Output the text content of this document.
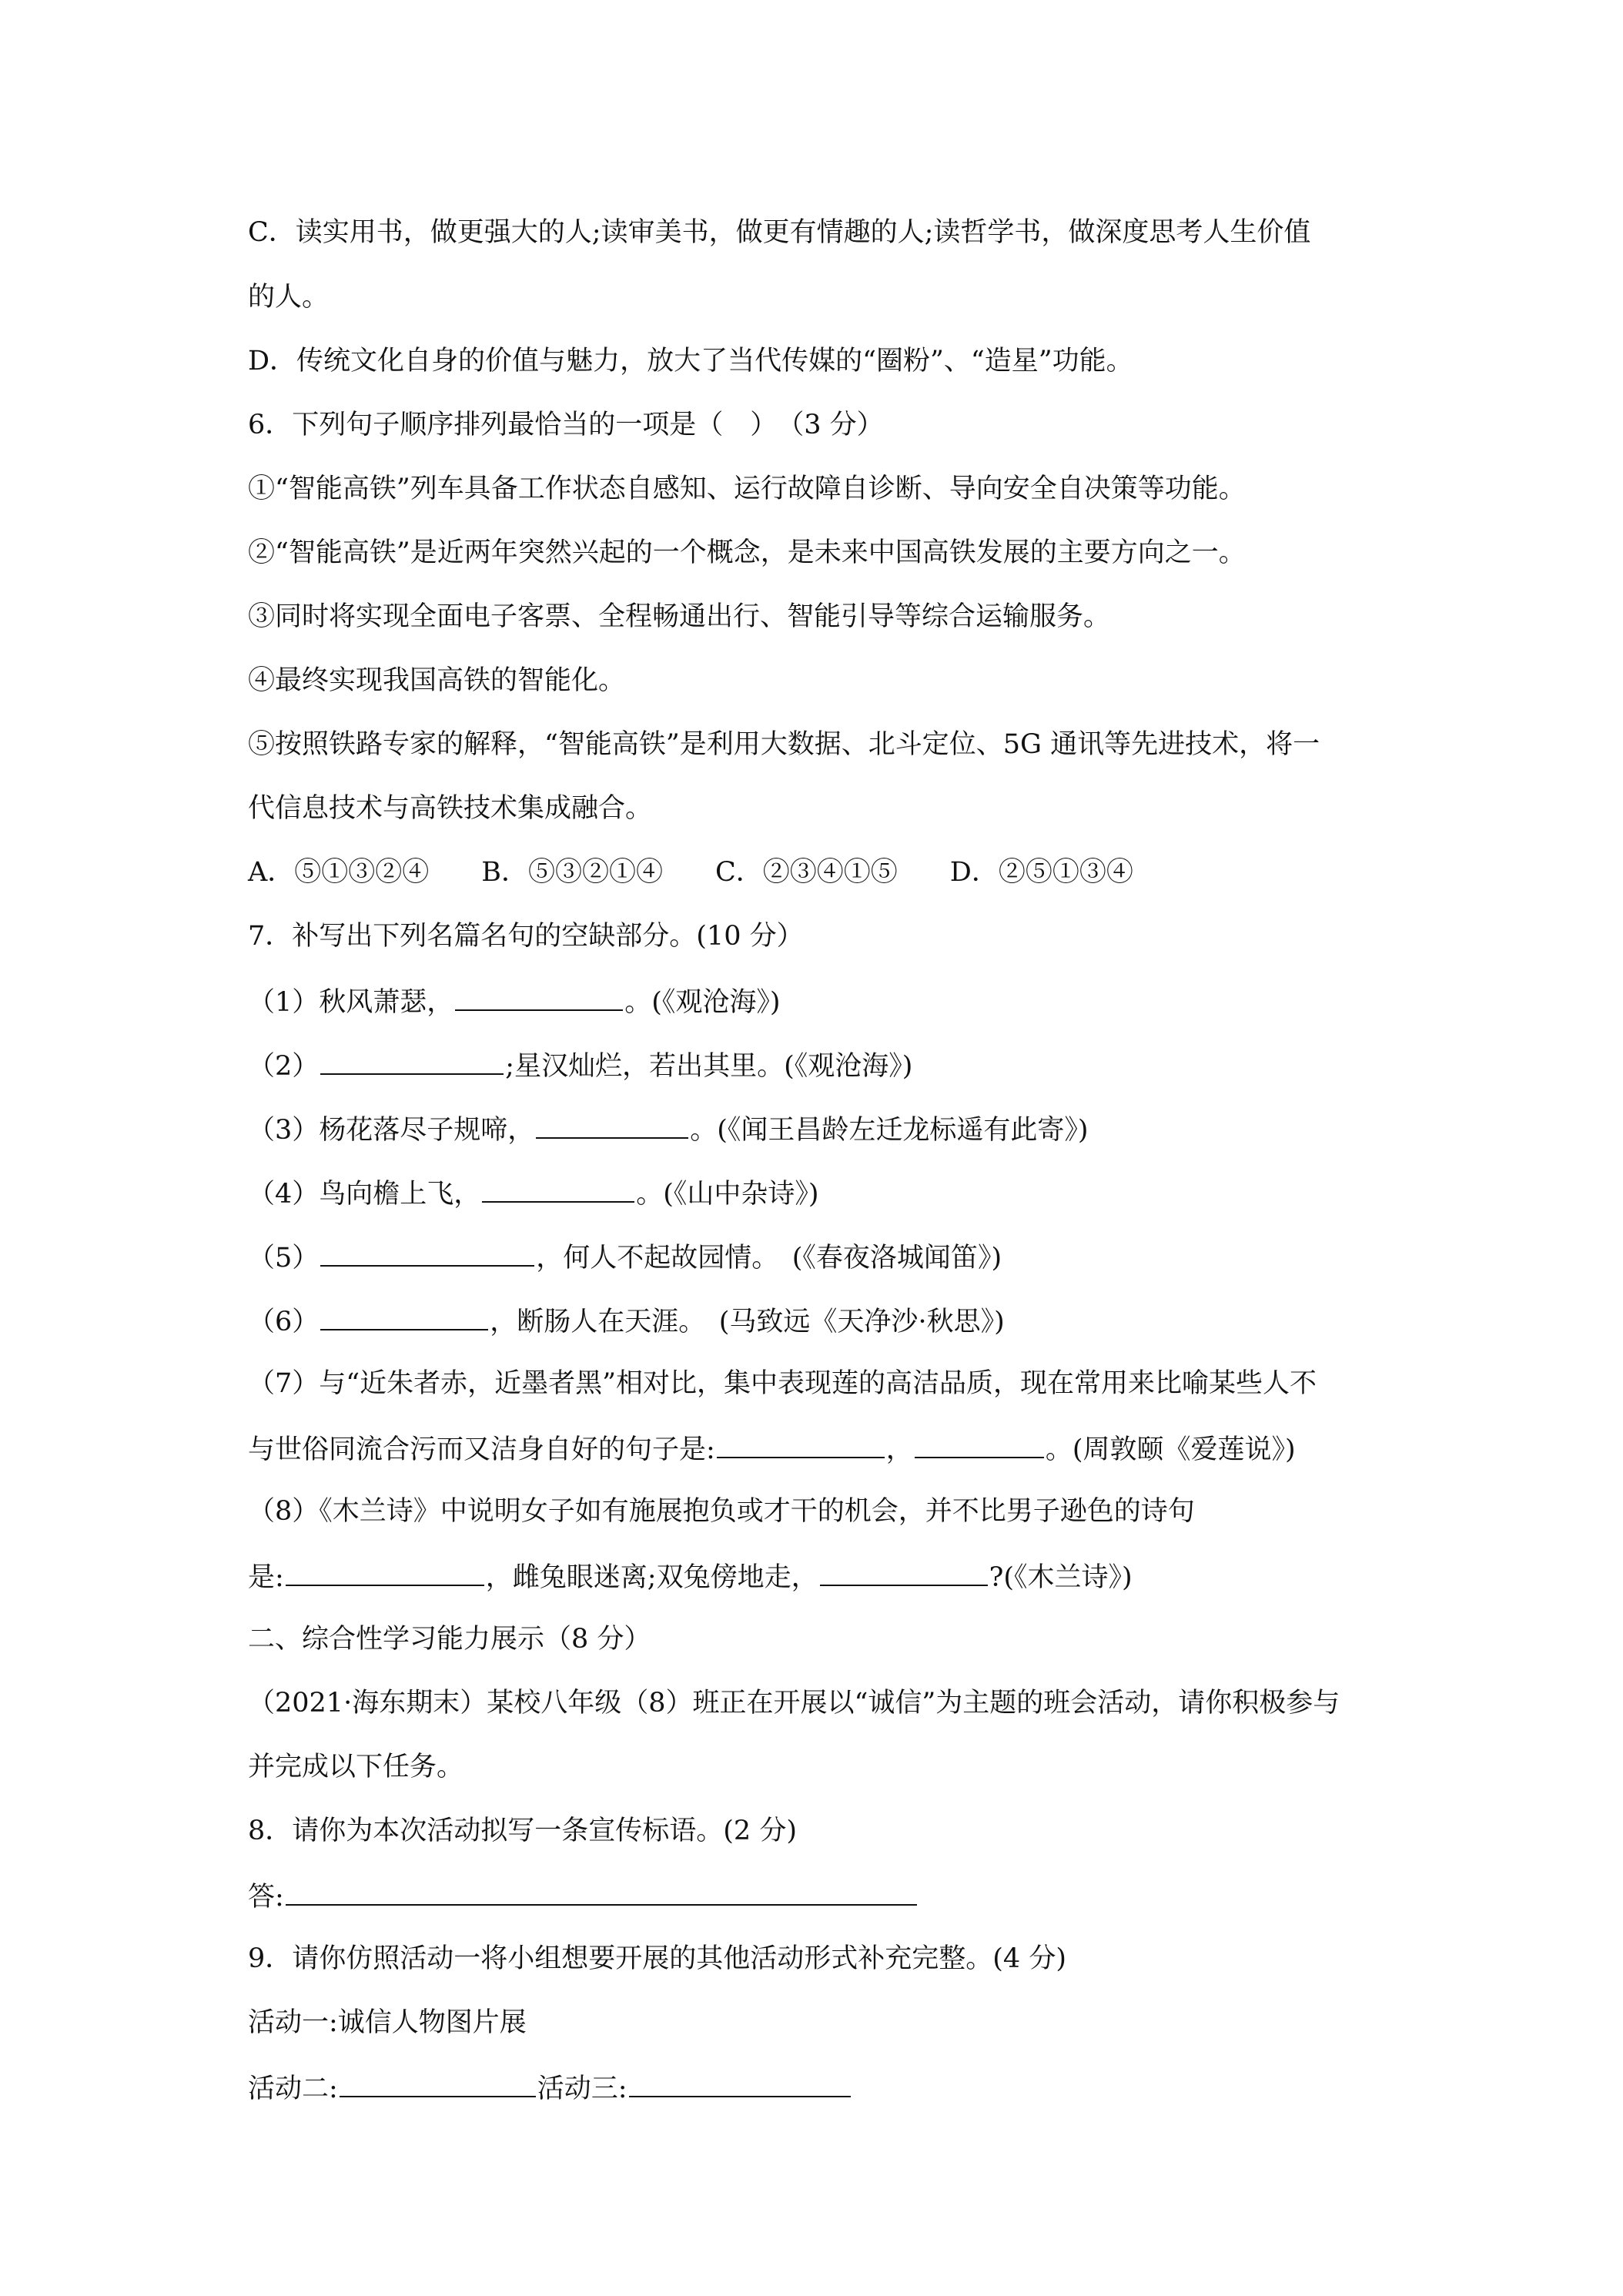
C．读实用书，做更强大的人;读审美书，做更有情趣的人;读哲学书，做深度思考人生价值
的人。
D．传统文化自身的价值与魅力，放大了当代传媒的“圈粉”、“造星”功能。
6．下列句子顺序排列最恰当的一项是（　）　（3 分）
①“智能高铁”列车具备工作状态自感知、运行故障自诊断、导向安全自决策等功能。
②“智能高铁”是近两年突然兴起的一个概念，是未来中国高铁发展的主要方向之一。
③同时将实现全面电子客票、全程畅通出行、智能引导等综合运输服务。
④最终实现我国高铁的智能化。
⑤按照铁路专家的解释，“智能高铁”是利用大数据、北斗定位、5G 通讯等先进技术，将一
代信息技术与高铁技术集成融合。
A．⑤①③②④ B．⑤③②①④ C．②③④①⑤ D．②⑤①③④
7．补写出下列名篇名句的空缺部分。(10 分）
（1）秋风萧瑟，	。(《观沧海》)
（2）	;星汉灿烂，若出其里。(《观沧海》)
（3）杨花落尽子规啼，	。(《闻王昌龄左迁龙标遥有此寄》)
（4）鸟向檐上飞，	。(《山中杂诗》)
（5）	，何人不起故园情。　(《春夜洛城闻笛》)
（6）	，断肠人在天涯。　(马致远《天净沙·秋思》)
（7）与“近朱者赤，近墨者黑”相对比，集中表现莲的高洁品质，现在常用来比喻某些人不
与世俗同流合污而又洁身自好的句子是:	，	。(周敦颐《爱莲说》)
（8）《木兰诗》中说明女子如有施展抱负或才干的机会，并不比男子逊色的诗句
是:	，雌兔眼迷离;双兔傍地走，	?(《木兰诗》)
二、综合性学习能力展示（8 分）
（2021·海东期末）某校八年级（8）班正在开展以“诚信”为主题的班会活动，请你积极参与
并完成以下任务。
8．请你为本次活动拟写一条宣传标语。(2 分)
答:
9．请你仿照活动一将小组想要开展的其他活动形式补充完整。(4 分)
活动一:诚信人物图片展
活动二:	活动三:
